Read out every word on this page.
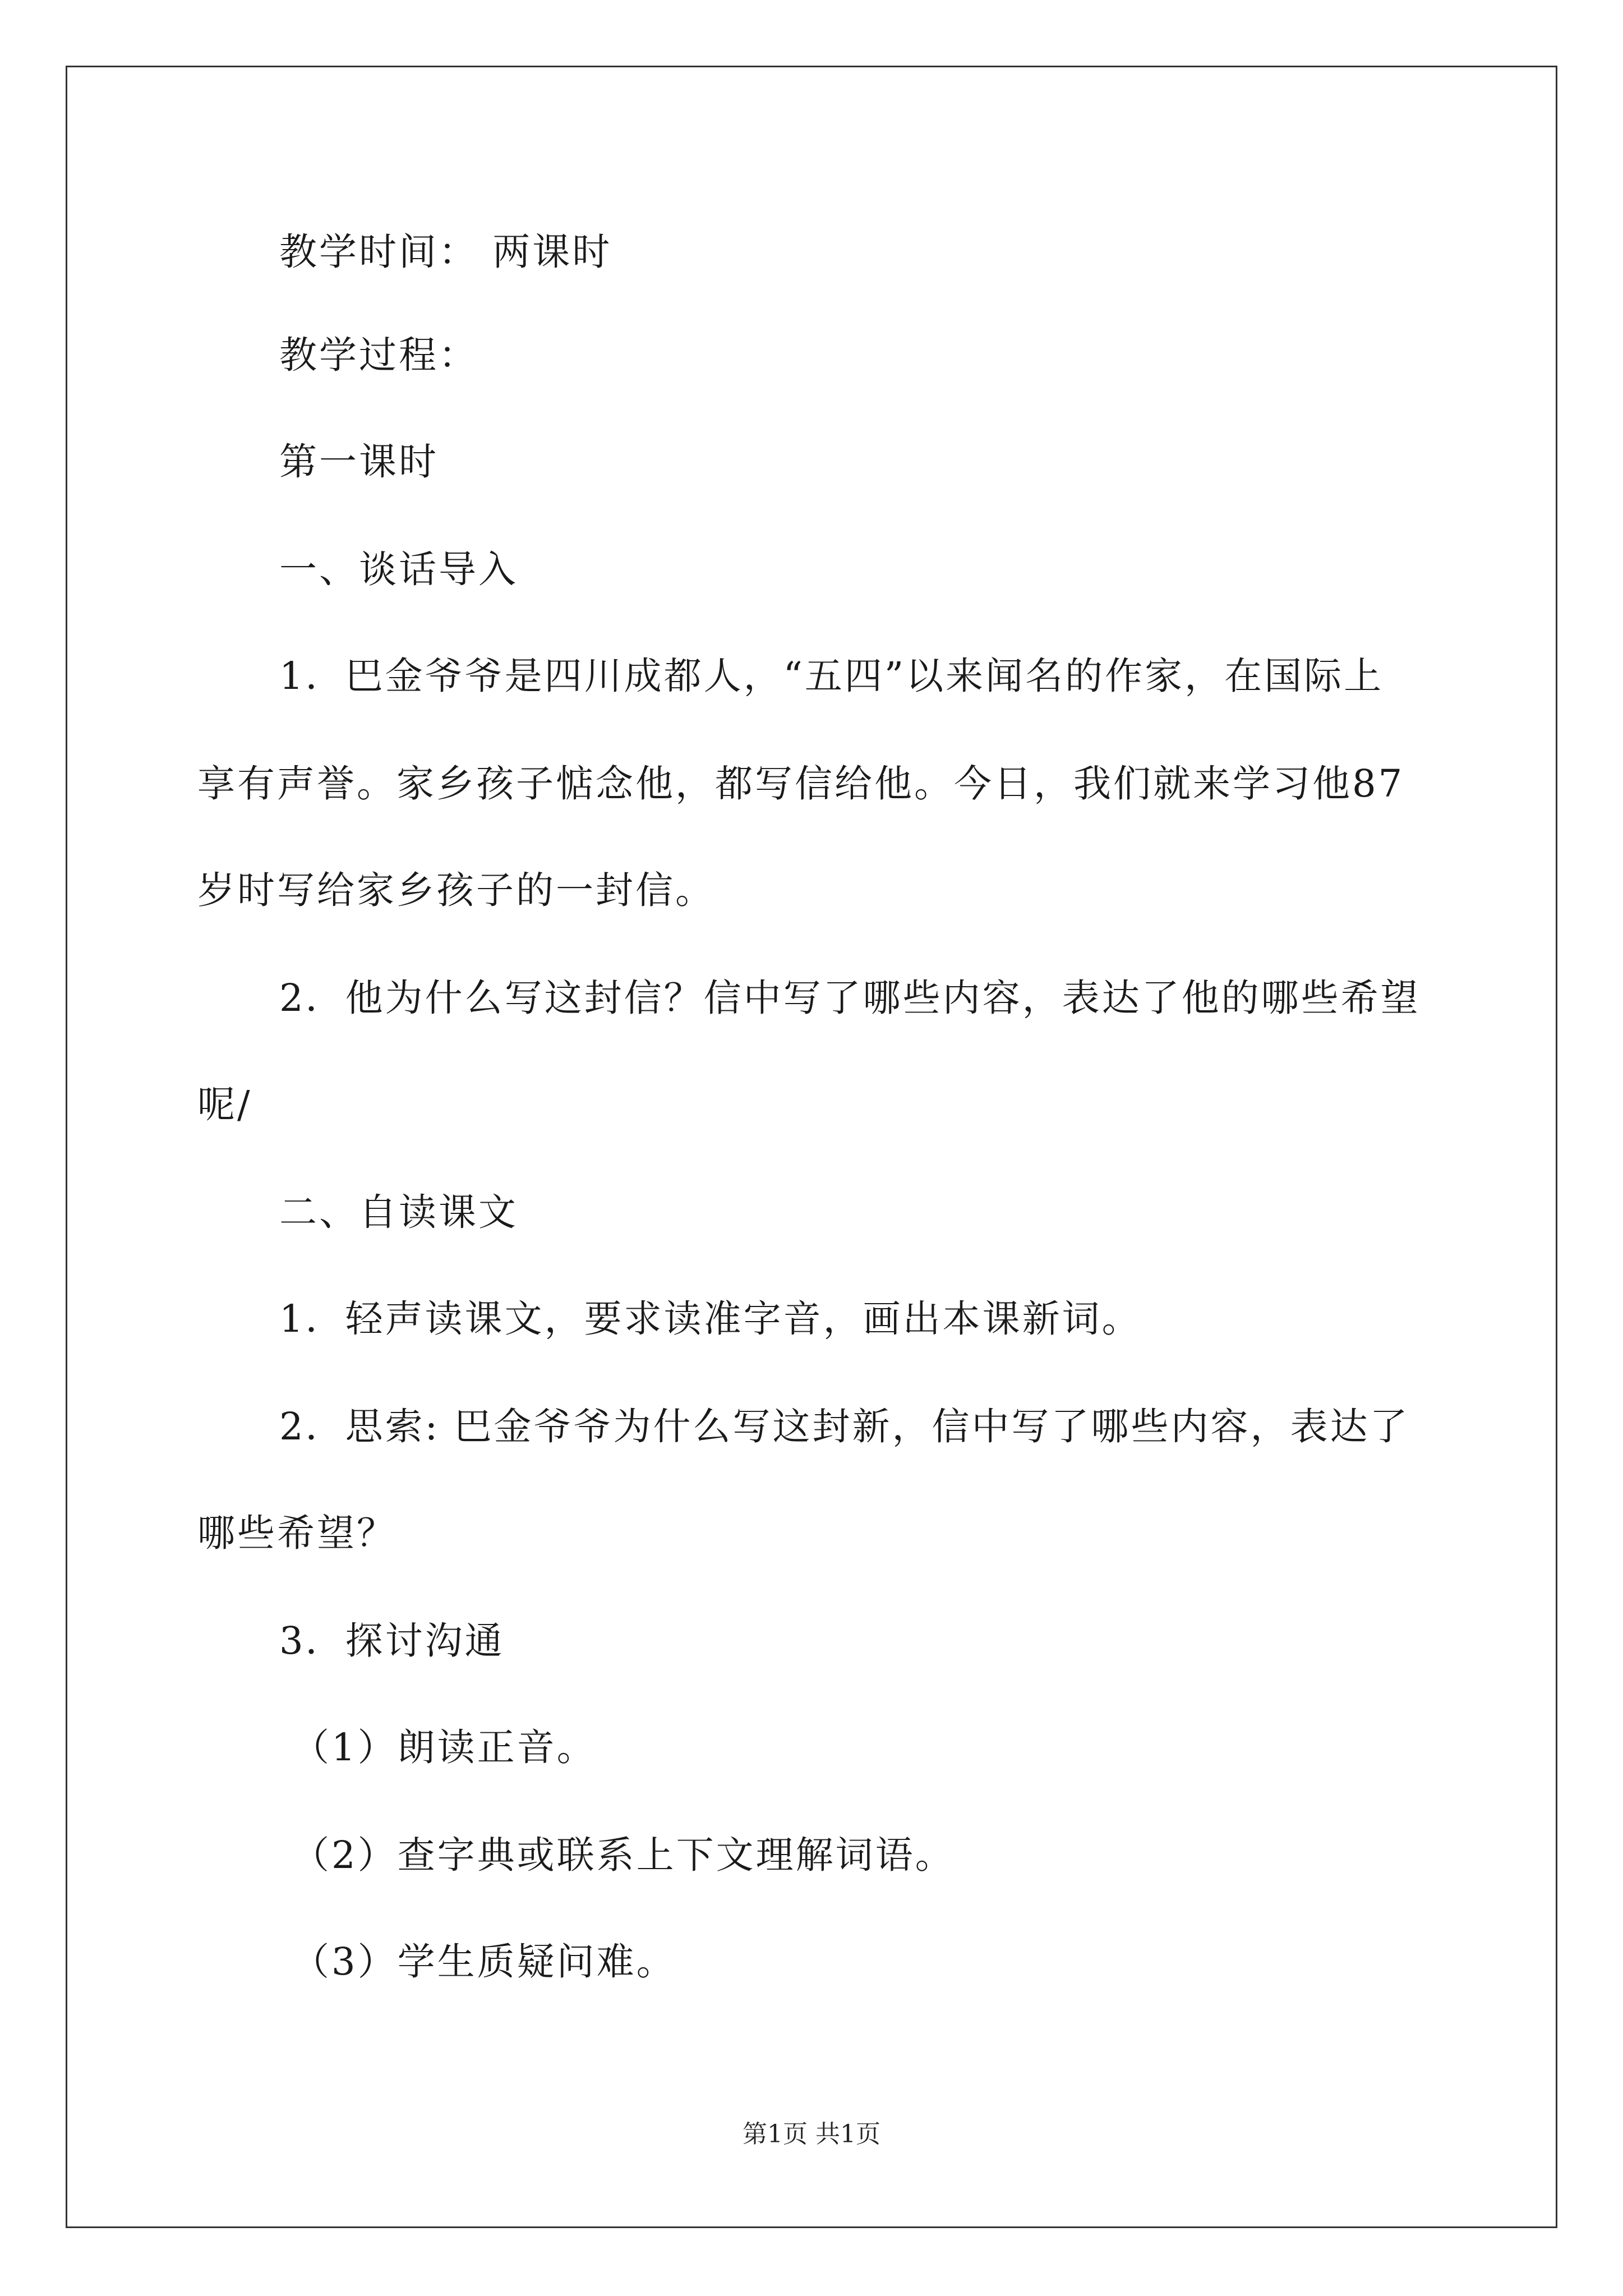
教学时间： 两课时
教学过程：
第一课时
一、谈话导入
1．巴金爷爷是四川成都人，“五四”以来闻名的作家，在国际上
享有声誉。家乡孩子惦念他，都写信给他。今日，我们就来学习他87
岁时写给家乡孩子的一封信。
2．他为什么写这封信？信中写了哪些内容，表达了他的哪些希望
呢/
二、自读课文
1．轻声读课文，要求读准字音，画出本课新词。
2．思索: 巴金爷爷为什么写这封新，信中写了哪些内容，表达了
哪些希望？
3．探讨沟通
（1）朗读正音。
（2）查字典或联系上下文理解词语。
（3）学生质疑问难。
第1页 共1页
